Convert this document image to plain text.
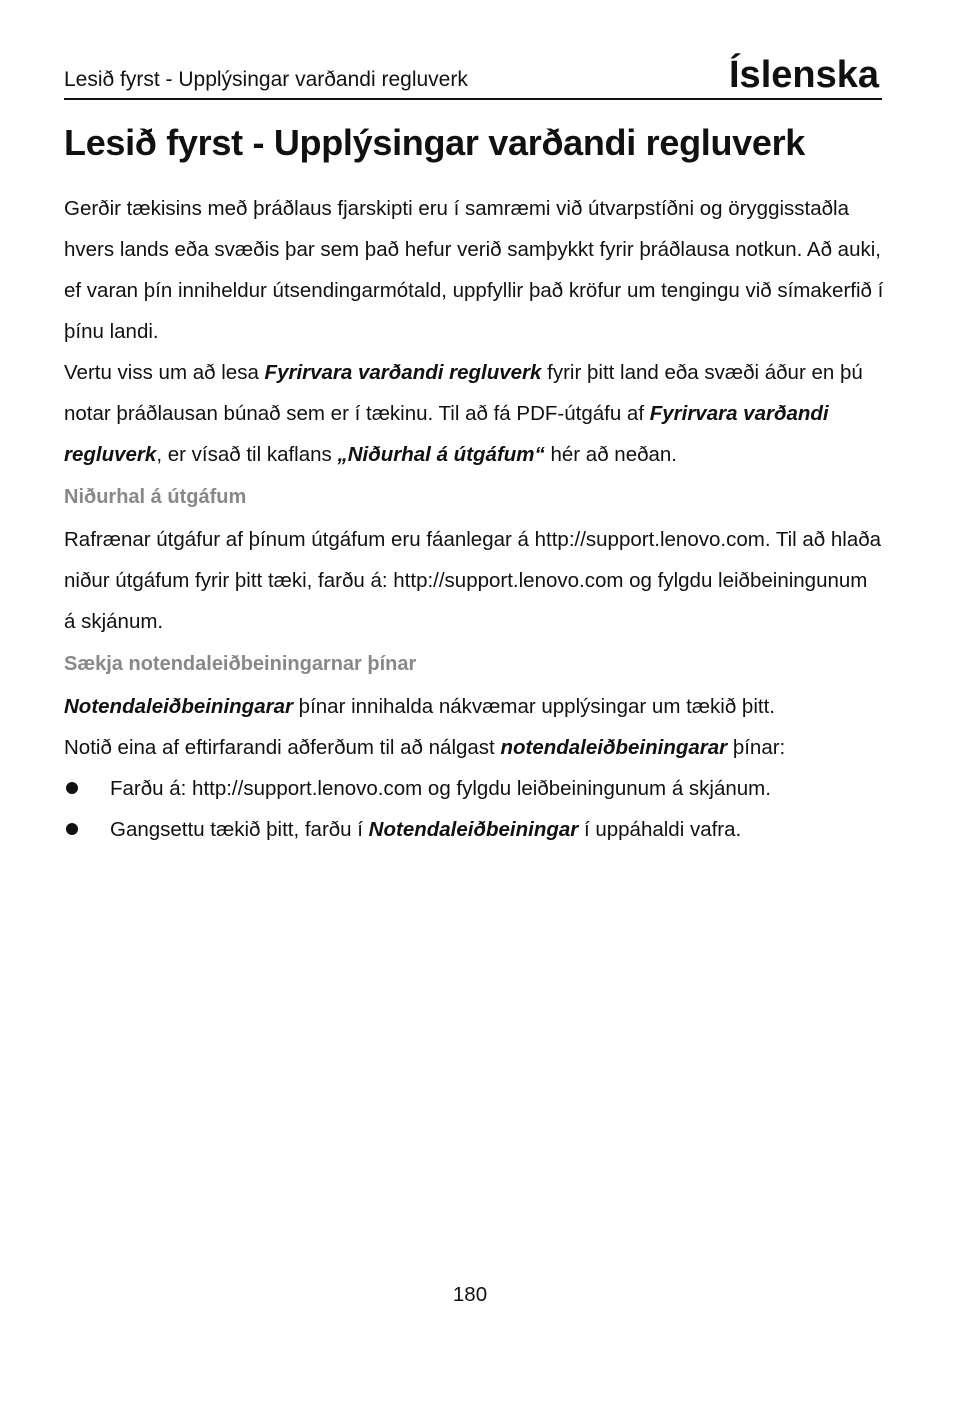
Lesið fyrst - Upplýsingar varðandi regluverk	Íslenska
Lesið fyrst - Upplýsingar varðandi regluverk

Gerðir tækisins með þráðlaus fjarskipti eru í samræmi við útvarpstíðni og öryggisstaðla hvers lands eða svæðis þar sem það hefur verið samþykkt fyrir þráðlausa notkun. Að auki, ef varan þín inniheldur útsendingarmótald, uppfyllir það kröfur um tengingu við símakerfið í þínu landi.

Vertu viss um að lesa Fyrirvara varðandi regluverk fyrir þitt land eða svæði áður en þú notar þráðlausan búnað sem er í tækinu. Til að fá PDF-útgáfu af Fyrirvara varðandi regluverk, er vísað til kaflans „Niðurhal á útgáfum“ hér að neðan.

Niðurhal á útgáfum

Rafrænar útgáfur af þínum útgáfum eru fáanlegar á http://support.lenovo.com. Til að hlaða niður útgáfum fyrir þitt tæki, farðu á: http://support.lenovo.com og fylgdu leiðbeiningunum á skjánum.

Sækja notendaleiðbeiningarnar þínar

Notendaleiðbeiningarar þínar innihalda nákvæmar upplýsingar um tækið þitt.

Notið eina af eftirfarandi aðferðum til að nálgast notendaleiðbeiningarar þínar:

Farðu á: http://support.lenovo.com og fylgdu leiðbeiningunum á skjánum.
Gangsettu tækið þitt, farðu í Notendaleiðbeiningar í uppáhaldi vafra.
180
